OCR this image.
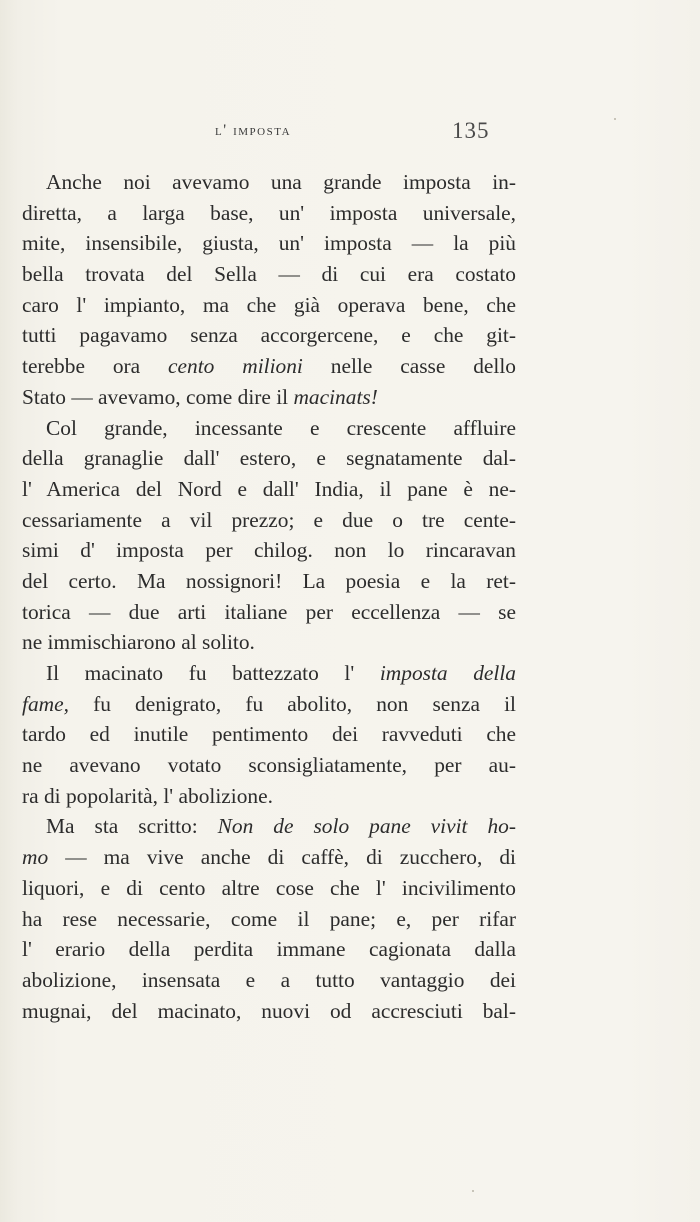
l' imposta	135
Anche noi avevamo una grande imposta in-
diretta, a larga base, un' imposta universale,
mite, insensibile, giusta, un' imposta — la più
bella trovata del Sella — di cui era costato
caro l' impianto, ma che già operava bene, che
tutti pagavamo senza accorgercene, e che git-
terebbe ora cento milioni nelle casse dello
Stato — avevamo, come dire il macinats!
Col grande, incessante e crescente affluire
della granaglie dall' estero, e segnatamente dal-
l' America del Nord e dall' India, il pane è ne-
cessariamente a vil prezzo; e due o tre cente-
simi d' imposta per chilog. non lo rincaravan
del certo. Ma nossignori! La poesia e la ret-
torica — due arti italiane per eccellenza — se
ne immischiarono al solito.
Il macinato fu battezzato l' imposta della
fame, fu denigrato, fu abolito, non senza il
tardo ed inutile pentimento dei ravveduti che
ne avevano votato sconsigliatamente, per au-
ra di popolarità, l' abolizione.
Ma sta scritto: Non de solo pane vivit ho-
mo — ma vive anche di caffè, di zucchero, di
liquori, e di cento altre cose che l' incivilimento
ha rese necessarie, come il pane; e, per rifar
l' erario della perdita immane cagionata dalla
abolizione, insensata e a tutto vantaggio dei
mugnai, del macinato, nuovi od accresciuti bal-
